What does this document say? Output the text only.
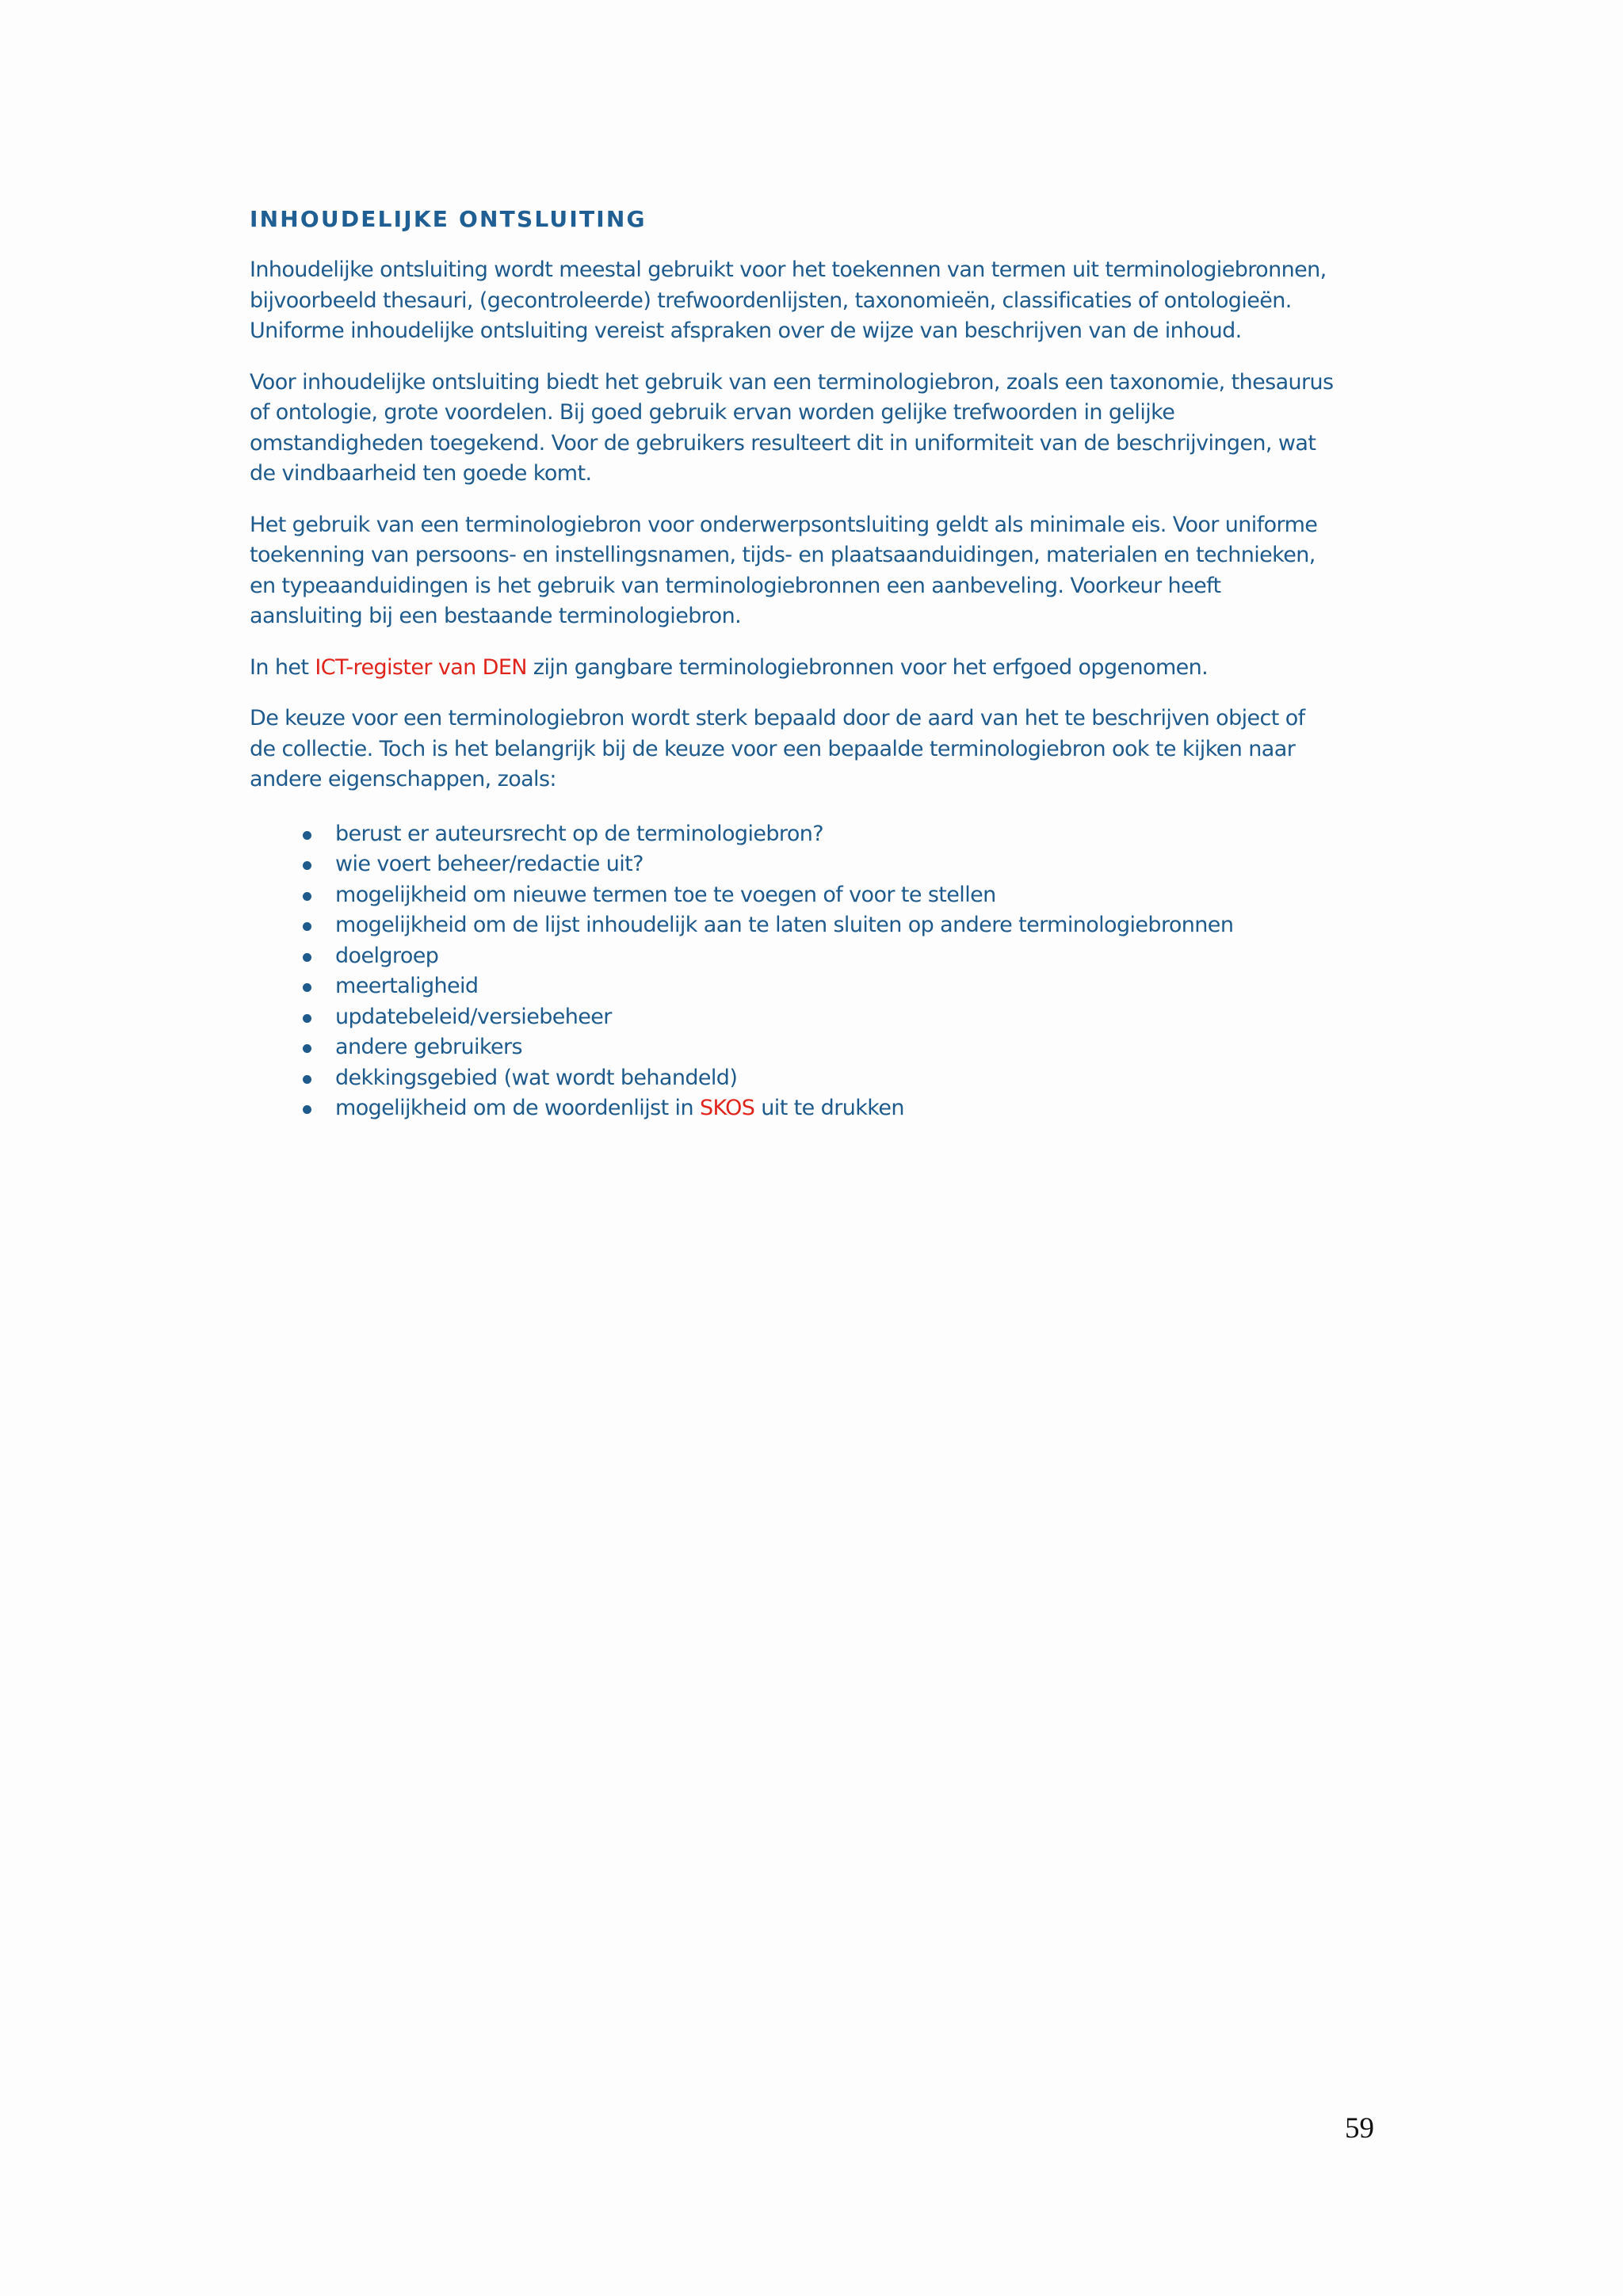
INHOUDELIJKE ONTSLUITING

Inhoudelijke ontsluiting wordt meestal gebruikt voor het toekennen van termen uit terminologiebronnen, bijvoorbeeld thesauri, (gecontroleerde) trefwoordenlijsten, taxonomieën, classificaties of ontologieën. Uniforme inhoudelijke ontsluiting vereist afspraken over de wijze van beschrijven van de inhoud.

Voor inhoudelijke ontsluiting biedt het gebruik van een terminologiebron, zoals een taxonomie, thesaurus of ontologie, grote voordelen. Bij goed gebruik ervan worden gelijke trefwoorden in gelijke omstandigheden toegekend. Voor de gebruikers resulteert dit in uniformiteit van de beschrijvingen, wat de vindbaarheid ten goede komt.

Het gebruik van een terminologiebron voor onderwerpsontsluiting geldt als minimale eis. Voor uniforme toekenning van persoons- en instellingsnamen, tijds- en plaatsaanduidingen, materialen en technieken, en typeaanduidingen is het gebruik van terminologiebronnen een aanbeveling. Voorkeur heeft aansluiting bij een bestaande terminologiebron.

In het ICT-register van DEN zijn gangbare terminologiebronnen voor het erfgoed opgenomen.

De keuze voor een terminologiebron wordt sterk bepaald door de aard van het te beschrijven object of de collectie. Toch is het belangrijk bij de keuze voor een bepaalde terminologiebron ook te kijken naar andere eigenschappen, zoals:

berust er auteursrecht op de terminologiebron?
wie voert beheer/redactie uit?
mogelijkheid om nieuwe termen toe te voegen of voor te stellen
mogelijkheid om de lijst inhoudelijk aan te laten sluiten op andere terminologiebronnen
doelgroep
meertaligheid
updatebeleid/versiebeheer
andere gebruikers
dekkingsgebied (wat wordt behandeld)
mogelijkheid om de woordenlijst in SKOS uit te drukken
59
